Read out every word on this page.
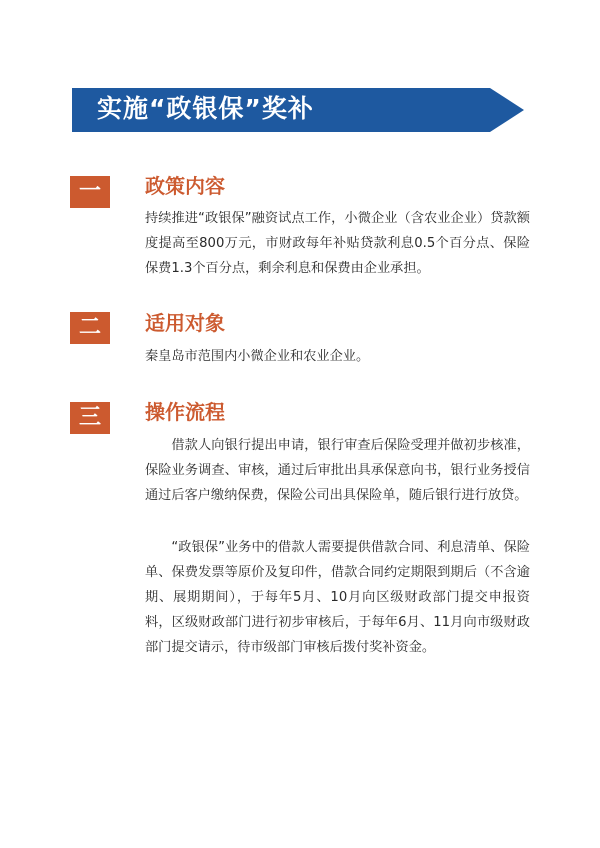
实施“政银保”奖补
一	政策内容

持续推进“政银保”融资试点工作，小微企业（含农业企业）贷款额度提高至800万元，市财政每年补贴贷款利息0.5个百分点、保险保费1.3个百分点，剩余利息和保费由企业承担。

二	适用对象

秦皇岛市范围内小微企业和农业企业。

三	操作流程

借款人向银行提出申请，银行审查后保险受理并做初步核准，保险业务调查、审核，通过后审批出具承保意向书，银行业务授信通过后客户缴纳保费，保险公司出具保险单，随后银行进行放贷。

“政银保”业务中的借款人需要提供借款合同、利息清单、保险单、保费发票等原价及复印件，借款合同约定期限到期后（不含逾期、展期期间），于每年5月、10月向区级财政部门提交申报资料，区级财政部门进行初步审核后，于每年6月、11月向市级财政部门提交请示，待市级部门审核后拨付奖补资金。
